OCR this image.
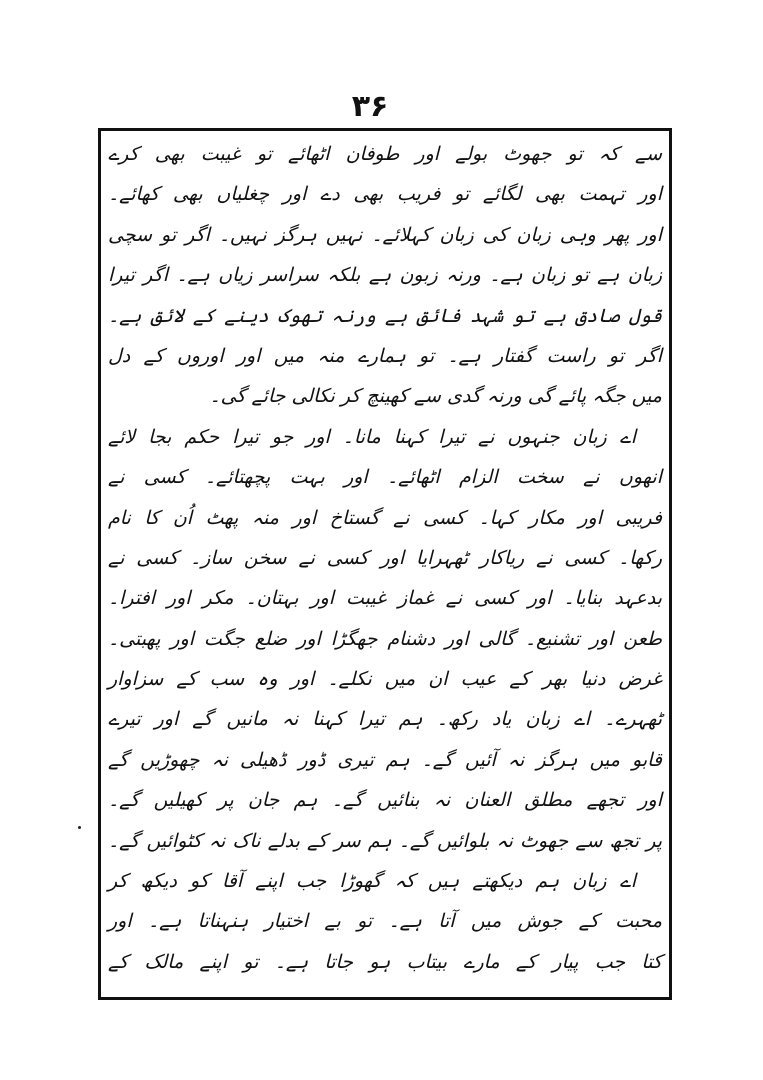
۳۶
سے کہ تو جھوٹ بولے اور طوفان اٹھائے تو غیبت بھی کرے
اور تہمت بھی لگائے تو فریب بھی دے اور چغلیاں بھی کھائے۔
اور پھر وہی زبان کی زبان کہلائے۔ نہیں ہرگز نہیں۔ اگر تو سچی
زبان ہے تو زبان ہے۔ ورنہ زبون ہے بلکہ سراسر زیاں ہے۔ اگر تیرا
قول صادق ہے تو شہد فائق ہے ورنہ تھوک دینے کے لائق ہے۔
اگر تو راست گفتار ہے۔ تو ہمارے منہ میں اور اوروں کے دل
میں جگہ پائے گی ورنہ گدی سے کھینچ کر نکالی جائے گی۔
اے زبان جنہوں نے تیرا کہنا مانا۔ اور جو تیرا حکم بجا لائے
انھوں نے سخت الزام اٹھائے۔ اور بہت پچھتائے۔ کسی نے
فریبی اور مکار کہا۔ کسی نے گستاخ اور منہ پھٹ اُن کا نام
رکھا۔ کسی نے ریاکار ٹھہرایا اور کسی نے سخن ساز۔ کسی نے
بدعہد بنایا۔ اور کسی نے غماز غیبت اور بہتان۔ مکر اور افترا۔
طعن اور تشنیع۔ گالی اور دشنام جھگڑا اور ضلع جگت اور پھبتی۔
غرض دنیا بھر کے عیب ان میں نکلے۔ اور وہ سب کے سزاوار
ٹھہرے۔ اے زبان یاد رکھ۔ ہم تیرا کہنا نہ مانیں گے اور تیرے
قابو میں ہرگز نہ آئیں گے۔ ہم تیری ڈور ڈھیلی نہ چھوڑیں گے
اور تجھے مطلق العنان نہ بنائیں گے۔ ہم جان پر کھیلیں گے۔
پر تجھ سے جھوٹ نہ بلوائیں گے۔ ہم سر کے بدلے ناک نہ کٹوائیں گے۔
اے زبان ہم دیکھتے ہیں کہ گھوڑا جب اپنے آقا کو دیکھ کر
محبت کے جوش میں آتا ہے۔ تو بے اختیار ہنہناتا ہے۔ اور
کتا جب پیار کے مارے بیتاب ہو جاتا ہے۔ تو اپنے مالک کے
